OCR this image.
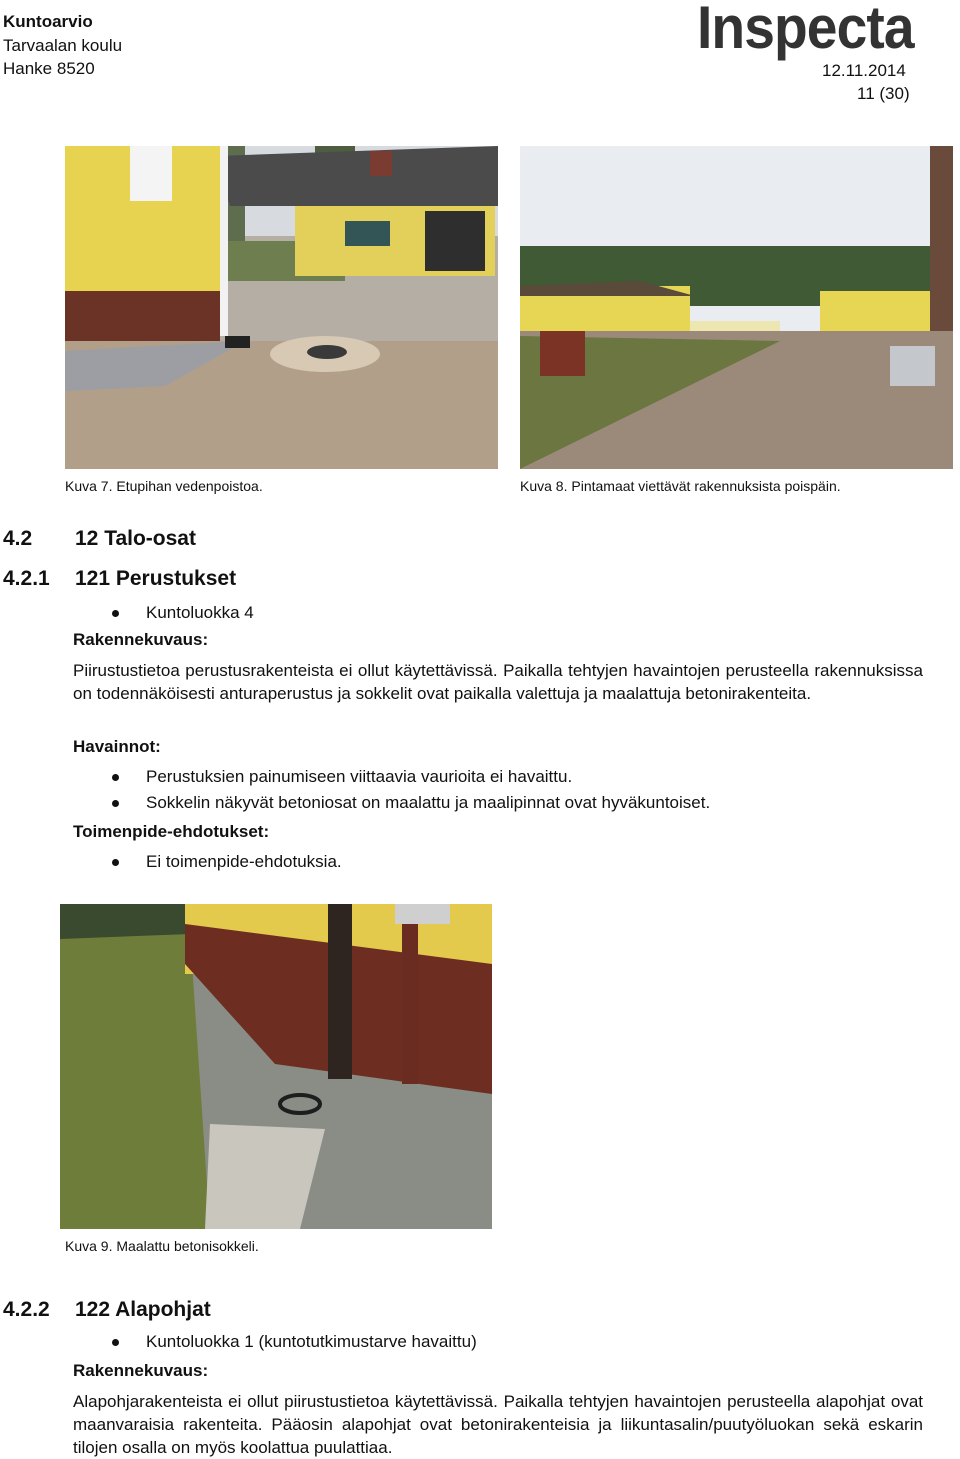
Kuntoarvio
Tarvaalan koulu
Hanke 8520
Inspecta
12.11.2014
11 (30)
Kuva 7. Etupihan vedenpoistoa.	Kuva 8. Pintamaat viettävät rakennuksista poispäin.
4.2 12 Talo-osat
4.2.1 121 Perustukset
Kuntoluokka 4
Rakennekuvaus:
Piirustustietoa perustusrakenteista ei ollut käytettävissä. Paikalla tehtyjen havaintojen perusteella rakennuksissa on todennäköisesti anturaperustus ja sokkelit ovat paikalla valettuja ja maalattuja betonirakenteita.
Havainnot:
Perustuksien painumiseen viittaavia vaurioita ei havaittu.
Sokkelin näkyvät betoniosat on maalattu ja maalipinnat ovat hyväkuntoiset.
Toimenpide-ehdotukset:
Ei toimenpide-ehdotuksia.
Kuva 9. Maalattu betonisokkeli.
4.2.2 122 Alapohjat
Kuntoluokka 1 (kuntotutkimustarve havaittu)
Rakennekuvaus:
Alapohjarakenteista ei ollut piirustustietoa käytettävissä. Paikalla tehtyjen havaintojen perusteella alapohjat ovat maanvaraisia rakenteita. Pääosin alapohjat ovat betonirakenteisia ja liikuntasalin/puutyöluokan sekä eskarin tilojen osalla on myös koolattua puulattiaa.
